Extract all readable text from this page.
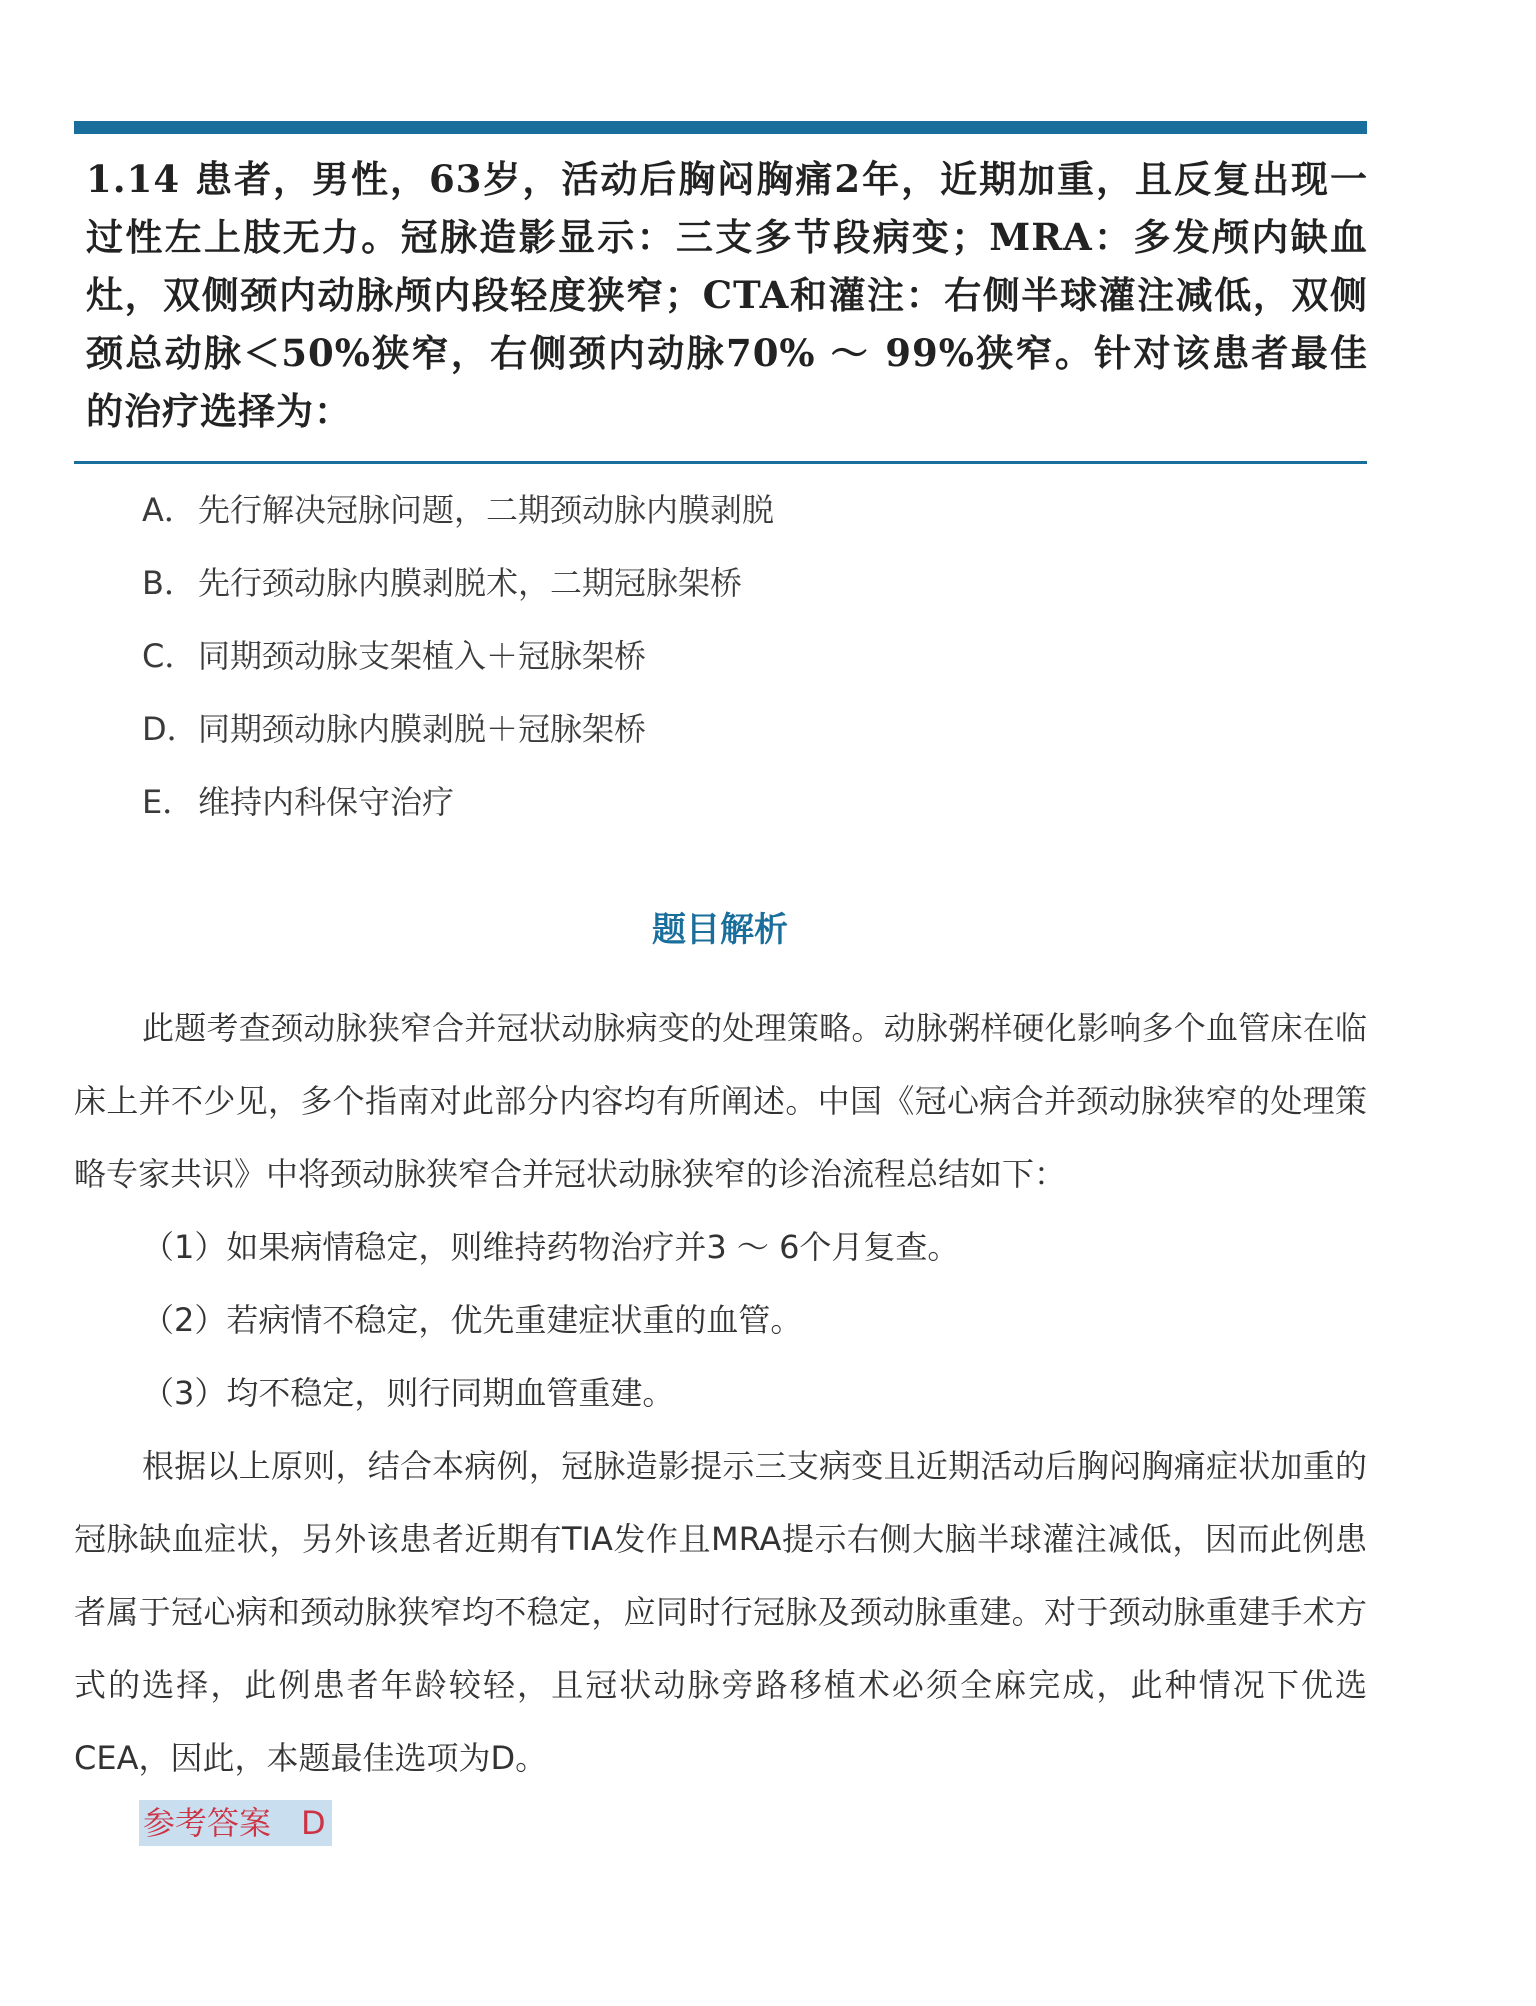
1.14 患者，男性，63岁，活动后胸闷胸痛2年，近期加重，且反复出现一过性左上肢无力。冠脉造影显示：三支多节段病变；MRA：多发颅内缺血灶，双侧颈内动脉颅内段轻度狭窄；CTA和灌注：右侧半球灌注减低，双侧颈总动脉＜50%狭窄，右侧颈内动脉70% ～ 99%狭窄。针对该患者最佳的治疗选择为：
A．先行解决冠脉问题，二期颈动脉内膜剥脱
B．先行颈动脉内膜剥脱术，二期冠脉架桥
C．同期颈动脉支架植入＋冠脉架桥
D．同期颈动脉内膜剥脱＋冠脉架桥
E． 维持内科保守治疗
题目解析

此题考查颈动脉狭窄合并冠状动脉病变的处理策略。动脉粥样硬化影响多个血管床在临床上并不少见，多个指南对此部分内容均有所阐述。中国《冠心病合并颈动脉狭窄的处理策略专家共识》中将颈动脉狭窄合并冠状动脉狭窄的诊治流程总结如下：

（1）如果病情稳定，则维持药物治疗并3 ～ 6个月复查。

（2）若病情不稳定，优先重建症状重的血管。

（3）均不稳定，则行同期血管重建。

根据以上原则，结合本病例，冠脉造影提示三支病变且近期活动后胸闷胸痛症状加重的冠脉缺血症状，另外该患者近期有TIA发作且MRA提示右侧大脑半球灌注减低，因而此例患者属于冠心病和颈动脉狭窄均不稳定，应同时行冠脉及颈动脉重建。对于颈动脉重建手术方式的选择，此例患者年龄较轻，且冠状动脉旁路移植术必须全麻完成，此种情况下优选CEA，因此，本题最佳选项为D。

参考答案 D
